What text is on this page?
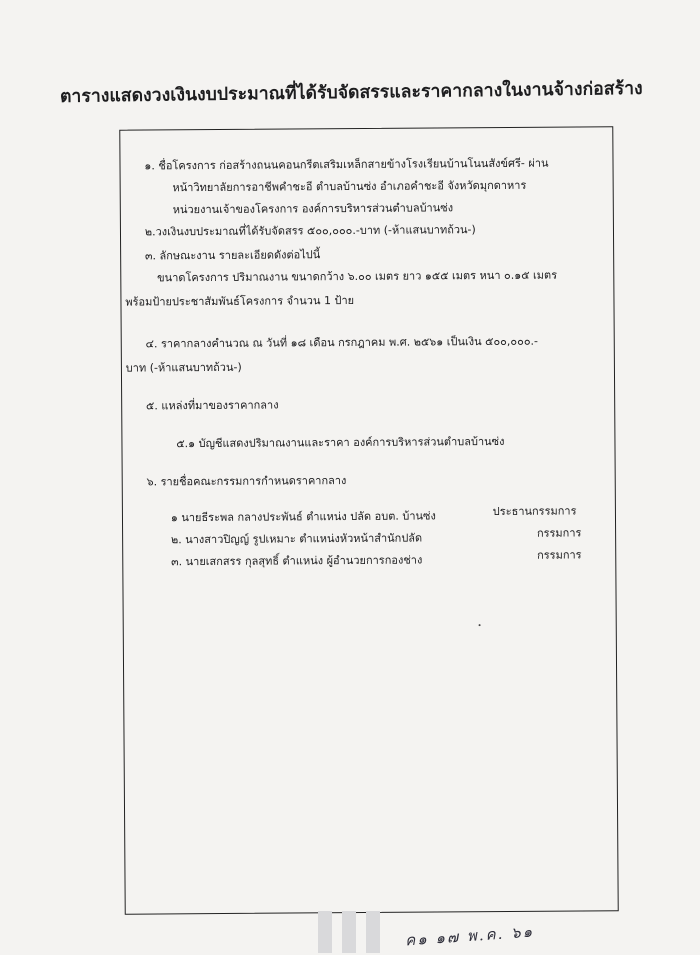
ตารางแสดงวงเงินงบประมาณที่ได้รับจัดสรรและราคากลางในงานจ้างก่อสร้าง
๑. ชื่อโครงการ ก่อสร้างถนนคอนกรีตเสริมเหล็กสายข้างโรงเรียนบ้านโนนสังข์ศรี- ผ่าน
หน้าวิทยาลัยการอาชีพคำชะอี ตำบลบ้านซ่ง อำเภอคำชะอี จังหวัดมุกดาหาร
หน่วยงานเจ้าของโครงการ องค์การบริหารส่วนตำบลบ้านซ่ง
๒.วงเงินงบประมาณที่ได้รับจัดสรร ๕๐๐,๐๐๐.-บาท (-ห้าแสนบาทถ้วน-)
๓. ลักษณะงาน รายละเอียดดังต่อไปนี้
ขนาดโครงการ ปริมาณงาน ขนาดกว้าง ๖.๐๐ เมตร ยาว ๑๕๕ เมตร หนา ๐.๑๕ เมตร
พร้อมป้ายประชาสัมพันธ์โครงการ จำนวน 1 ป้าย
๔. ราคากลางคำนวณ ณ วันที่ ๑๘ เดือน กรกฎาคม พ.ศ. ๒๕๖๑ เป็นเงิน ๕๐๐,๐๐๐.-
บาท (-ห้าแสนบาทถ้วน-)
๕. แหล่งที่มาของราคากลาง
๕.๑ บัญชีแสดงปริมาณงานและราคา องค์การบริหารส่วนตำบลบ้านซ่ง
๖. รายชื่อคณะกรรมการกำหนดราคากลาง
๑ นายธีระพล กลางประพันธ์ ตำแหน่ง ปลัด อบต. บ้านซ่ง	ประธานกรรมการ
๒. นางสาวปิญญ์ รูปเหมาะ ตำแหน่งหัวหน้าสำนักปลัด	กรรมการ
๓. นายเสกสรร กุลสุทธิ์ ตำแหน่ง ผู้อำนวยการกองช่าง	กรรมการ
ค๑ ๑๗ พ.ค. ๖๑
